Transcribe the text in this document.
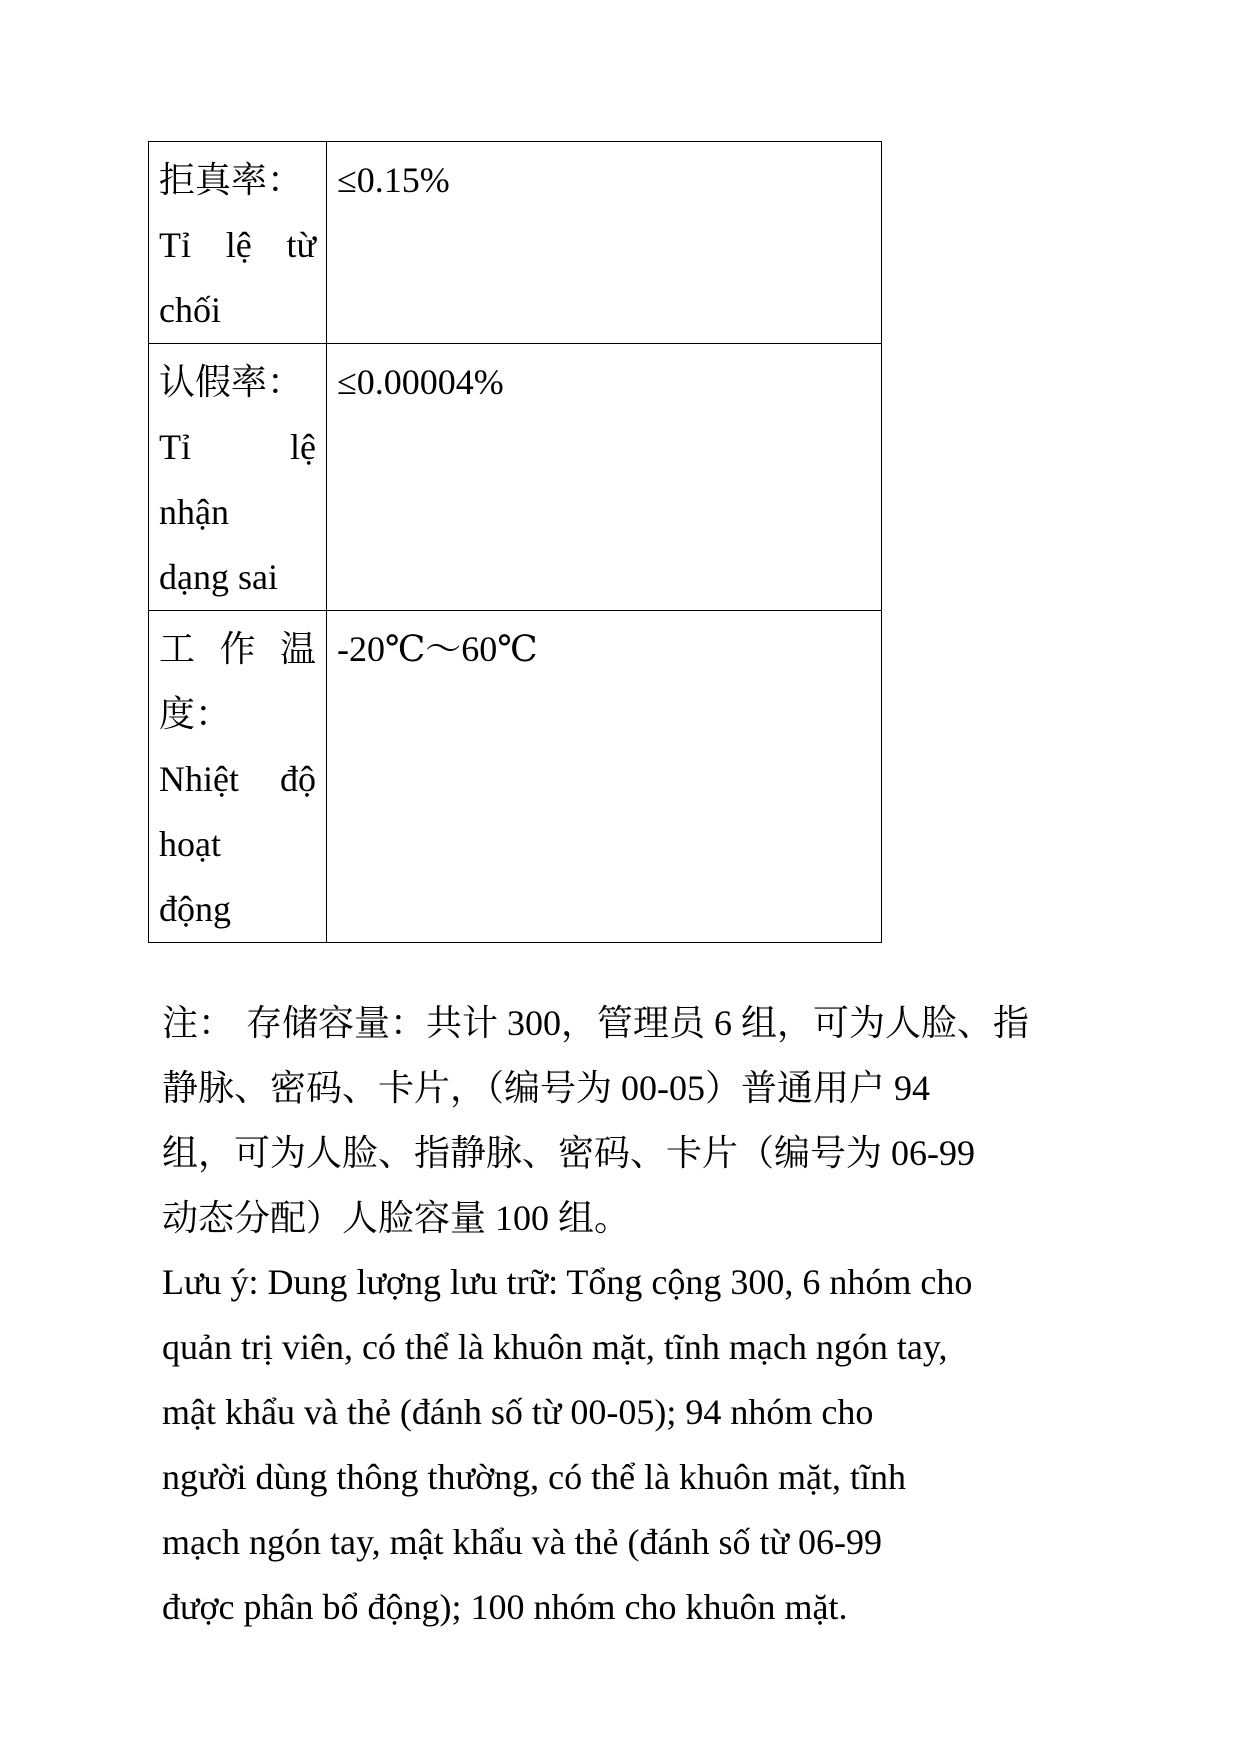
拒真率：
Tỉ lệ từ
chối	≤0.15%

认假率：
Tỉ lệ
nhận
dạng sai	≤0.00004%

工作温
度：
Nhiệt độ
hoạt
động	-20℃～60℃
注： 存储容量：共计 300，管理员 6 组，可为人脸、指
静脉、密码、卡片，（编号为 00-05）普通用户 94
组，可为人脸、指静脉、密码、卡片（编号为 06-99
动态分配）人脸容量 100 组。
Lưu ý: Dung lượng lưu trữ: Tổng cộng 300, 6 nhóm cho
quản trị viên, có thể là khuôn mặt, tĩnh mạch ngón tay,
mật khẩu và thẻ (đánh số từ 00-05); 94 nhóm cho
người dùng thông thường, có thể là khuôn mặt, tĩnh
mạch ngón tay, mật khẩu và thẻ (đánh số từ 06-99
được phân bổ động); 100 nhóm cho khuôn mặt.
